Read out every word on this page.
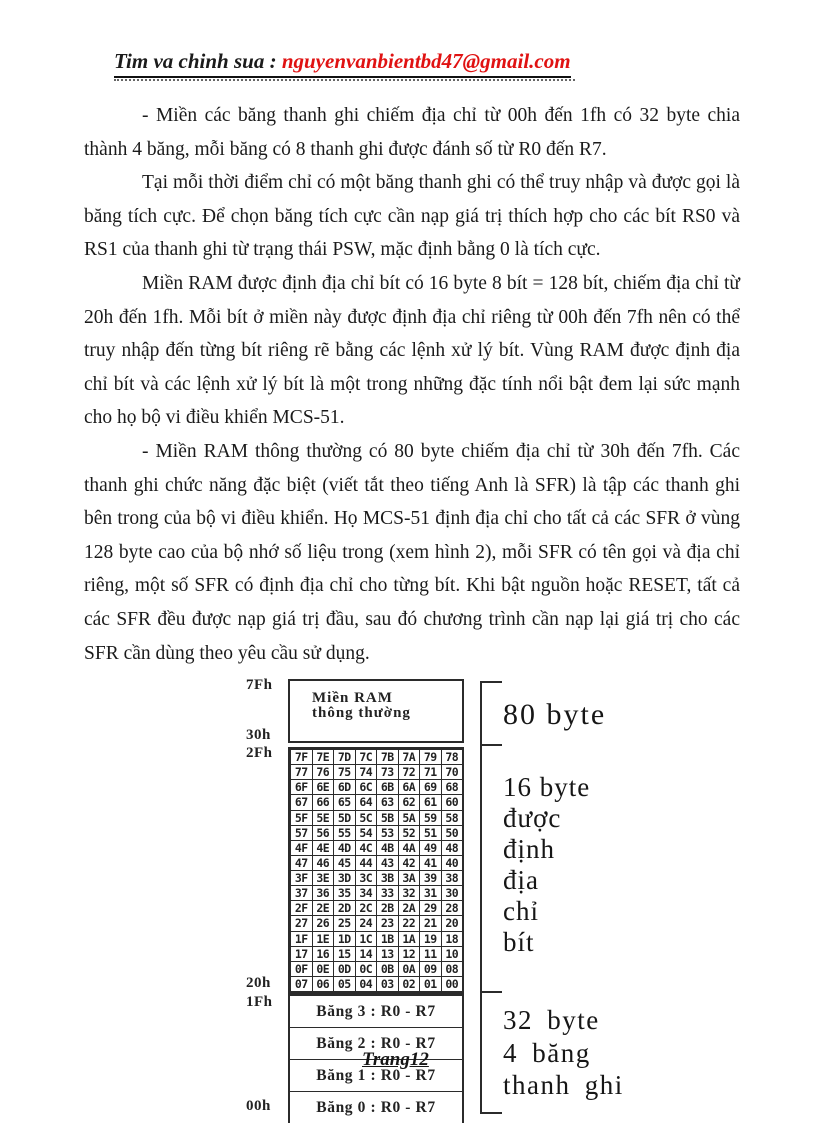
Tim va chinh sua : nguyenvanbientbd47@gmail.com

- Miền các băng thanh ghi chiếm địa chỉ từ 00h đến 1fh có 32 byte chia thành 4 băng, mỗi băng có 8 thanh ghi được đánh số từ R0 đến R7.

Tại mỗi thời điểm chỉ có một băng thanh ghi có thể truy nhập và được gọi là băng tích cực. Để chọn băng tích cực cần nạp giá trị thích hợp cho các bít RS0 và RS1 của thanh ghi từ trạng thái PSW, mặc định bằng 0 là tích cực.

Miền RAM được định địa chỉ bít có 16 byte 8 bít = 128 bít, chiếm địa chỉ từ 20h đến 1fh. Mỗi bít ở miền này được định địa chỉ riêng từ 00h đến 7fh nên có thể truy nhập đến từng bít riêng rẽ bằng các lệnh xử lý bít. Vùng RAM được định địa chỉ bít và các lệnh xử lý bít là một trong những đặc tính nổi bật đem lại sức mạnh cho họ bộ vi điều khiển MCS-51.

- Miền RAM thông thường có 80 byte chiếm địa chỉ từ 30h đến 7fh. Các thanh ghi chức năng đặc biệt (viết tắt theo tiếng Anh là SFR) là tập các thanh ghi bên trong của bộ vi điều khiển. Họ MCS-51 định địa chỉ cho tất cả các SFR ở vùng 128 byte cao của bộ nhớ số liệu trong (xem hình 2), mỗi SFR có tên gọi và địa chỉ riêng, một số SFR có định địa chỉ cho từng bít. Khi bật nguồn hoặc RESET, tất cả các SFR đều được nạp giá trị đầu, sau đó chương trình cần nạp lại giá trị cho các SFR cần dùng theo yêu cầu sử dụng.

7Fh
30h
2Fh
20h
1Fh
00h
Miền RAM
thông thường
7F 7E 7D 7C 7B 7A 79 78
77 76 75 74 73 72 71 70
6F 6E 6D 6C 6B 6A 69 68
67 66 65 64 63 62 61 60
5F 5E 5D 5C 5B 5A 59 58
57 56 55 54 53 52 51 50
4F 4E 4D 4C 4B 4A 49 48
47 46 45 44 43 42 41 40
3F 3E 3D 3C 3B 3A 39 38
37 36 35 34 33 32 31 30
2F 2E 2D 2C 2B 2A 29 28
27 26 25 24 23 22 21 20
1F 1E 1D 1C 1B 1A 19 18
17 16 15 14 13 12 11 10
0F 0E 0D 0C 0B 0A 09 08
07 06 05 04 03 02 01 00
Băng 3 : R0 - R7
Băng 2 : R0 - R7
Băng 1 : R0 - R7
Băng 0 : R0 - R7
80 byte
16 byte
được
định
địa
chỉ
bít
32 byte
4 băng
thanh ghi
Trang12
